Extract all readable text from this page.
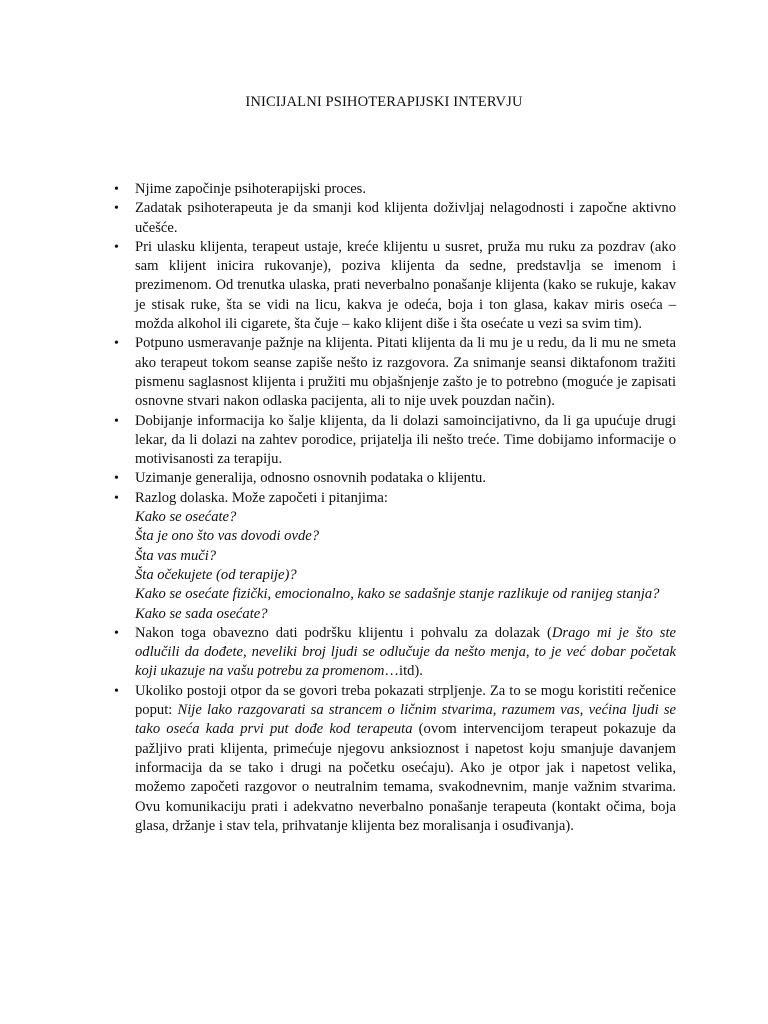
INICIJALNI PSIHOTERAPIJSKI INTERVJU
• Njime započinje psihoterapijski proces.
• Zadatak psihoterapeuta je da smanji kod klijenta doživljaj nelagodnosti i započne aktivno učešće.
• Pri ulasku klijenta, terapeut ustaje, kreće klijentu u susret, pruža mu ruku za pozdrav (ako sam klijent inicira rukovanje), poziva klijenta da sedne, predstavlja se imenom i prezimenom. Od trenutka ulaska, prati neverbalno ponašanje klijenta (kako se rukuje, kakav je stisak ruke, šta se vidi na licu, kakva je odeća, boja i ton glasa, kakav miris oseća – možda alkohol ili cigarete, šta čuje – kako klijent diše i šta osećate u vezi sa svim tim).
• Potpuno usmeravanje pažnje na klijenta. Pitati klijenta da li mu je u redu, da li mu ne smeta ako terapeut tokom seanse zapiše nešto iz razgovora. Za snimanje seansi diktafonom tražiti pismenu saglasnost klijenta i pružiti mu objašnjenje zašto je to potrebno (moguće je zapisati osnovne stvari nakon odlaska pacijenta, ali to nije uvek pouzdan način).
• Dobijanje informacija ko šalje klijenta, da li dolazi samoincijativno, da li ga upućuje drugi lekar, da li dolazi na zahtev porodice, prijatelja ili nešto treće. Time dobijamo informacije o motivisanosti za terapiju.
• Uzimanje generalija, odnosno osnovnih podataka o klijentu.
• Razlog dolaska. Može započeti i pitanjima:
Kako se osećate?
Šta je ono što vas dovodi ovde?
Šta vas muči?
Šta očekujete (od terapije)?
Kako se osećate fizički, emocionalno, kako se sadašnje stanje razlikuje od ranijeg stanja?
Kako se sada osećate?
• Nakon toga obavezno dati podršku klijentu i pohvalu za dolazak (Drago mi je što ste odlučili da dođete, neveliki broj ljudi se odlučuje da nešto menja, to je već dobar početak koji ukazuje na vašu potrebu za promenom…itd).
• Ukoliko postoji otpor da se govori treba pokazati strpljenje. Za to se mogu koristiti rečenice poput: Nije lako razgovarati sa strancem o ličnim stvarima, razumem vas, većina ljudi se tako oseća kada prvi put dođe kod terapeuta (ovom intervencijom terapeut pokazuje da pažljivo prati klijenta, primećuje njegovu anksioznost i napetost koju smanjuje davanjem informacija da se tako i drugi na početku osećaju). Ako je otpor jak i napetost velika, možemo započeti razgovor o neutralnim temama, svakodnevnim, manje važnim stvarima. Ovu komunikaciju prati i adekvatno neverbalno ponašanje terapeuta (kontakt očima, boja glasa, držanje i stav tela, prihvatanje klijenta bez moralisanja i osuđivanja).
